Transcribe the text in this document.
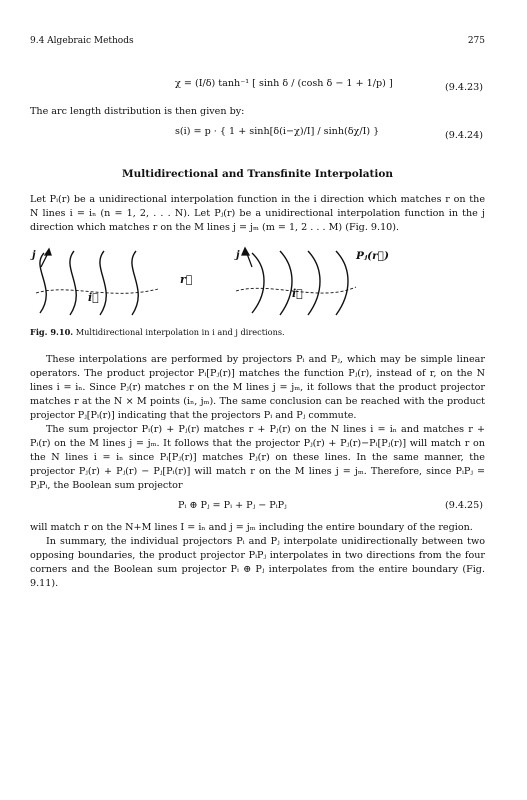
9.4 Algebraic Methods	275
χ = (I/δ) tanh⁻¹ [ sinh δ / (cosh δ − 1 + 1/p) ]	(9.4.23)

The arc length distribution is then given by:

s(i) = p · { 1 + sinh[δ(i−χ)/I] / sinh(δχ/I) }	(9.4.24)
Multidirectional and Transfinite Interpolation

Let Pᵢ(r) be a unidirectional interpolation function in the i direction which matches r on the N lines i = iₙ (n = 1, 2, . . . N). Let Pⱼ(r) be a unidirectional interpolation function in the j direction which matches r on the M lines j = jₘ (m = 1, 2 . . . M) (Fig. 9.10).

j
r⃗
i⃗
j
i⃗
Pⱼ(r⃗)
Fig. 9.10. Multidirectional interpolation in i and j directions.

These interpolations are performed by projectors Pᵢ and Pⱼ, which may be simple linear operators. The product projector Pᵢ[Pⱼ(r)] matches the function Pⱼ(r), instead of r, on the N lines i = iₙ. Since Pⱼ(r) matches r on the M lines j = jₘ, it follows that the product projector matches r at the N × M points (iₙ, jₘ). The same conclusion can be reached with the product projector Pⱼ[Pᵢ(r)] indicating that the projectors Pᵢ and Pⱼ commute.

The sum projector Pᵢ(r) + Pⱼ(r) matches r + Pⱼ(r) on the N lines i = iₙ and matches r + Pᵢ(r) on the M lines j = jₘ. It follows that the projector Pⱼ(r) + Pⱼ(r)−Pᵢ[Pⱼ(r)] will match r on the N lines i = iₙ since Pᵢ[Pⱼ(r)] matches Pⱼ(r) on these lines. In the same manner, the projector Pⱼ(r) + Pⱼ(r) − Pⱼ[Pᵢ(r)] will match r on the M lines j = jₘ. Therefore, since PᵢPⱼ = PⱼPᵢ, the Boolean sum projector

Pᵢ ⊕ Pⱼ = Pᵢ + Pⱼ − PᵢPⱼ	(9.4.25)

will match r on the N+M lines I = iₙ and j = jₘ including the entire boundary of the region.

In summary, the individual projectors Pᵢ and Pⱼ interpolate unidirectionally between two opposing boundaries, the product projector PᵢPⱼ interpolates in two directions from the four corners and the Boolean sum projector Pᵢ ⊕ Pⱼ interpolates from the entire boundary (Fig. 9.11).
